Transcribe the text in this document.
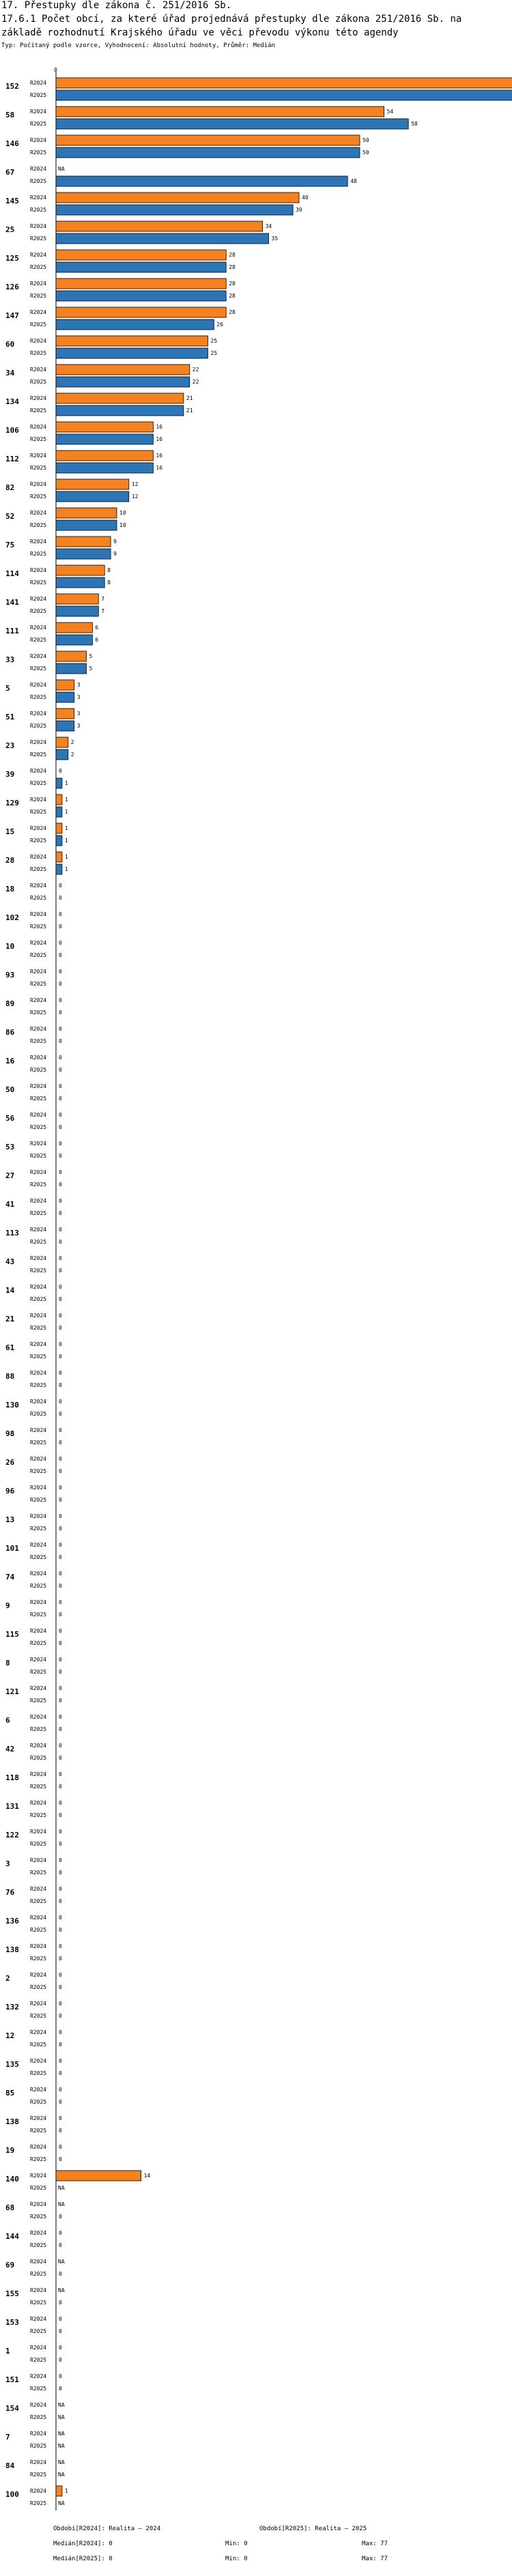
17. Přestupky dle zákona č. 251/2016 Sb.
17.6.1 Počet obcí, za které úřad projednává přestupky dle zákona 251/2016 Sb. na
základě rozhodnutí Krajského úřadu ve věci převodu výkonu této agendy
Typ: Počítaný podle vzorce, Vyhodnocení: Absolutní hodnoty, Průměr: Medián
0
152 R2024
R2025
58	R2024	54
R2025	58
146 R2024	50
R2025	50
67	R2024 NA
R2025	48
145 R2024	40
R2025	39
25	R2024	34
R2025	35
125 R2024	28
R2025	28
126 R2024	28
R2025	28
147 R2024	28
R2025	26
60	R2024	25
R2025	25
34	R2024	22
R2025	22
134 R2024	21
R2025	21
106 R2024	16
R2025	16
112 R2024	16
R2025	16
82	R2024	12
R2025	12
52	R2024	10
R2025	10
75	R2024	9
R2025	9
114 R2024	8
R2025	8
141 R2024	7
R2025	7
111 R2024	6
R2025	6
33	R2024	5
R2025	5
5	R2024	3
R2025	3
51	R2024	3
R2025	3
23	R2024	2
R2025	2
39	R2024 0
R2025	1
129 R2024	1
R2025	1
15	R2024	1
R2025	1
28	R2024	1
R2025	1
18	R2024 0
R2025 0
102 R2024 0
R2025 0
10	R2024 0
R2025 0
93	R2024 0
R2025 0
89	R2024 0
R2025 0
86	R2024 0
R2025 0
16	R2024 0
R2025 0
50	R2024 0
R2025 0
56	R2024 0
R2025 0
53	R2024 0
R2025 0
27	R2024 0
R2025 0
41	R2024 0
R2025 0
113 R2024 0
R2025 0
43	R2024 0
R2025 0
14	R2024 0
R2025 0
21	R2024 0
R2025 0
61	R2024 0
R2025 0
88	R2024 0
R2025 0
130 R2024 0
R2025 0
98	R2024 0
R2025 0
26	R2024 0
R2025 0
96	R2024 0
R2025 0
13	R2024 0
R2025 0
101 R2024 0
R2025 0
74	R2024 0
R2025 0
9	R2024 0
R2025 0
115 R2024 0
R2025 0
8	R2024 0
R2025 0
121 R2024 0
R2025 0
6	R2024 0
R2025 0
42	R2024 0
R2025 0
118 R2024 0
R2025 0
131 R2024 0
R2025 0
122 R2024 0
R2025 0
3	R2024 0
R2025 0
76	R2024 0
R2025 0
136 R2024 0
R2025 0
138 R2024 0
R2025 0
2	R2024 0
R2025 0
132 R2024 0
R2025 0
12	R2024 0
R2025 0
135 R2024 0
R2025 0
85	R2024 0
R2025 0
138 R2024 0
R2025 0
19	R2024 0
R2025 0
140 R2024	14
R2025 NA
68	R2024 NA
R2025 0
144 R2024 0
R2025 0
69	R2024 NA
R2025 0
155 R2024 NA
R2025 0
153 R2024 0
R2025 0
1	R2024 0
R2025 0
151 R2024 0
R2025 0
154 R2024 NA
R2025 NA
7	R2024 NA
R2025 NA
84	R2024 NA
R2025 NA
100 R2024	1
R2025 NA
Období[R2024]: Realita – 2024	Období[R2025]: Realita – 2025
Medián[R2024]: 0	Min: 0	Max: 77
Medián[R2025]: 0	Min: 0	Max: 77
